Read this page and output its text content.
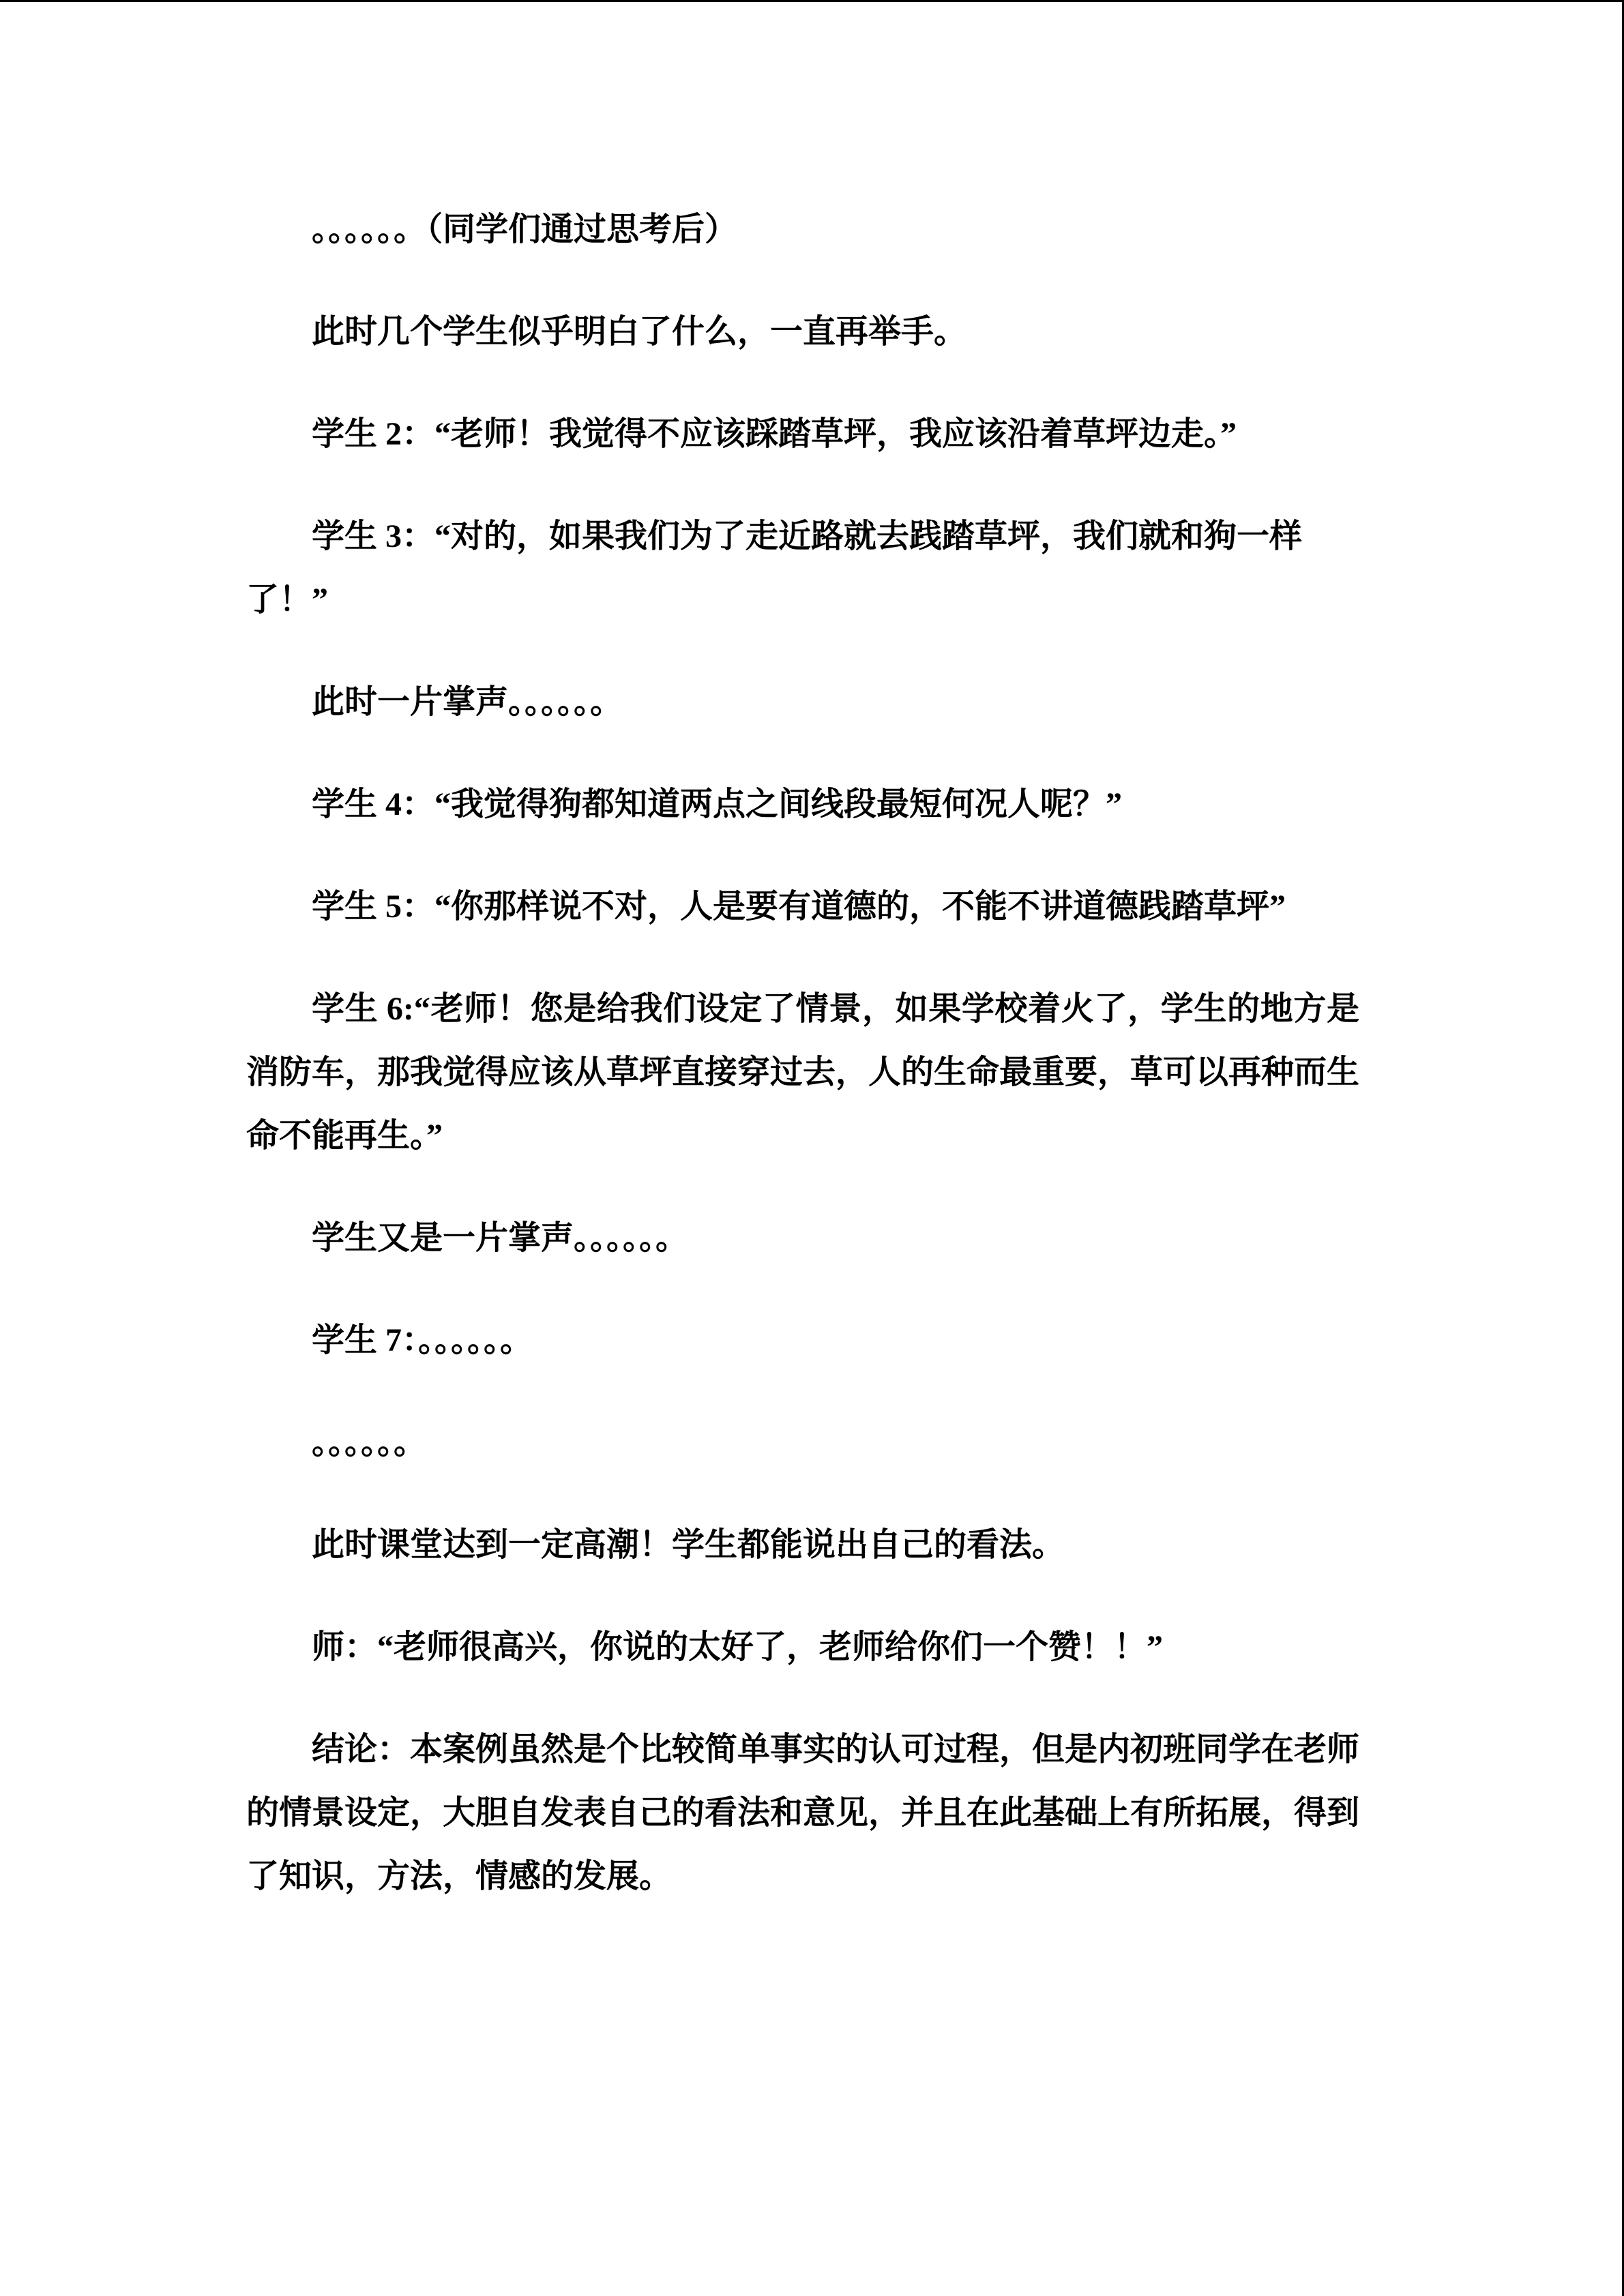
。。。。。。（同学们通过思考后）
此时几个学生似乎明白了什么，一直再举手。
学生 2：“老师！我觉得不应该踩踏草坪，我应该沿着草坪边走。”
学生 3：“对的，如果我们为了走近路就去践踏草坪，我们就和狗一样
了！”
此时一片掌声。。。。。。
学生 4：“我觉得狗都知道两点之间线段最短何况人呢？”
学生 5：“你那样说不对，人是要有道德的，不能不讲道德践踏草坪”
学生 6:“老师！您是给我们设定了情景，如果学校着火了，学生的地方是
消防车，那我觉得应该从草坪直接穿过去，人的生命最重要，草可以再种而生
命不能再生。”
学生又是一片掌声。。。。。。
学生 7：。。。。。。
。。。。。。
此时课堂达到一定高潮！学生都能说出自己的看法。
师：“老师很高兴，你说的太好了，老师给你们一个赞！！”
结论：本案例虽然是个比较简单事实的认可过程，但是内初班同学在老师
的情景设定，大胆自发表自己的看法和意见，并且在此基础上有所拓展，得到
了知识，方法，情感的发展。
